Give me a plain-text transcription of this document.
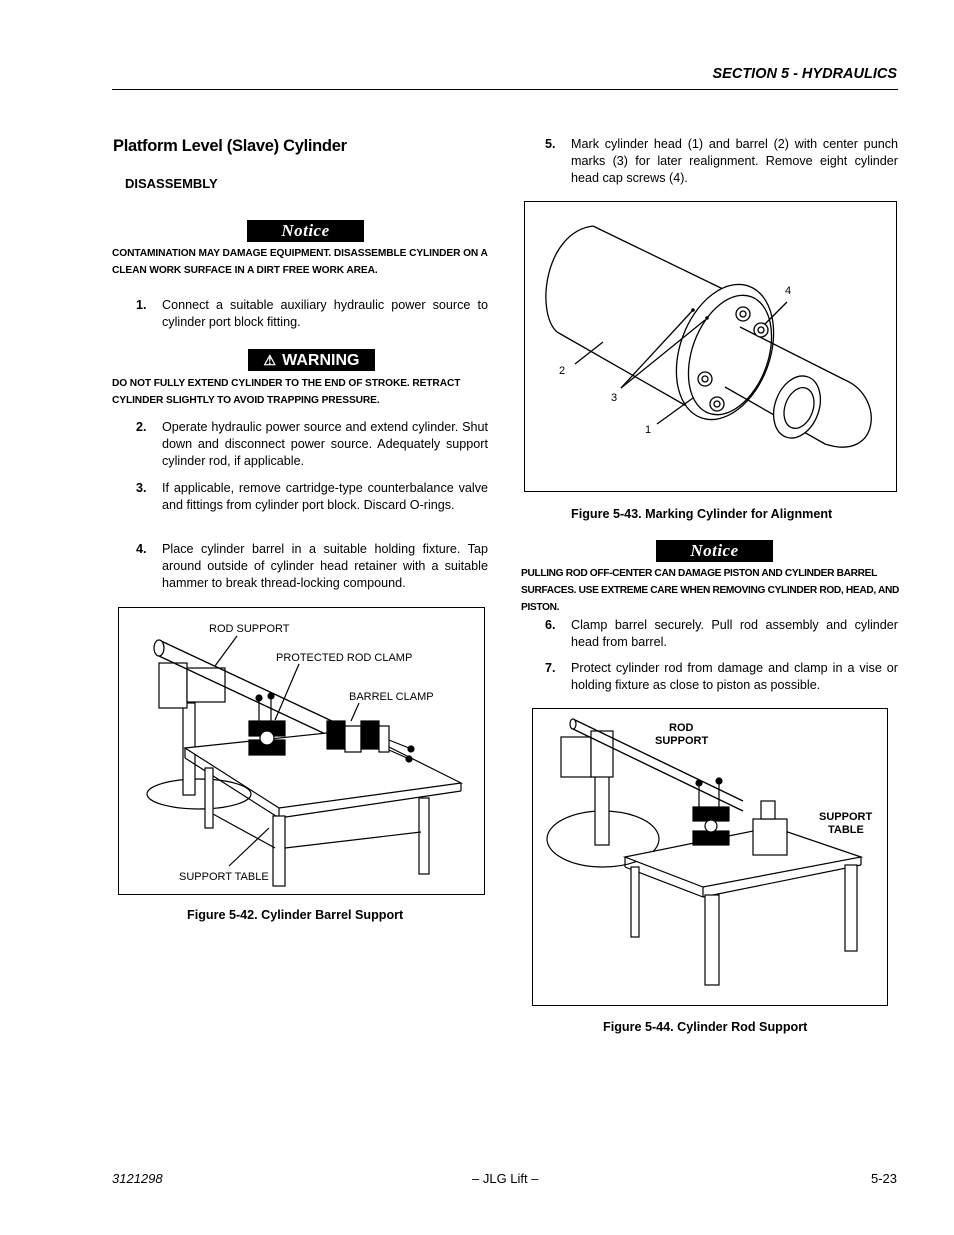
SECTION 5 - HYDRAULICS
Platform Level (Slave) Cylinder
DISASSEMBLY
Notice
CONTAMINATION MAY DAMAGE EQUIPMENT. DISASSEMBLE CYLINDER ON A CLEAN WORK SURFACE IN A DIRT FREE WORK AREA.
1. Connect a suitable auxiliary hydraulic power source to cylinder port block fitting.
⚠ WARNING
DO NOT FULLY EXTEND CYLINDER TO THE END OF STROKE. RETRACT CYLINDER SLIGHTLY TO AVOID TRAPPING PRESSURE.
2. Operate hydraulic power source and extend cylinder. Shut down and disconnect power source. Adequately support cylinder rod, if applicable.
3. If applicable, remove cartridge-type counterbalance valve and fittings from cylinder port block. Discard O-rings.
4. Place cylinder barrel in a suitable holding fixture. Tap around outside of cylinder head retainer with a suitable hammer to break thread-locking compound.
ROD SUPPORT
PROTECTED ROD CLAMP
BARREL CLAMP
SUPPORT TABLE
Figure 5-42. Cylinder Barrel Support
5. Mark cylinder head (1) and barrel (2) with center punch marks (3) for later realignment. Remove eight cylinder head cap screws (4).
4
2
3
1
Figure 5-43. Marking Cylinder for Alignment
Notice
PULLING ROD OFF-CENTER CAN DAMAGE PISTON AND CYLINDER BARREL SURFACES. USE EXTREME CARE WHEN REMOVING CYLINDER ROD, HEAD, AND PISTON.
6. Clamp barrel securely. Pull rod assembly and cylinder head from barrel.
7. Protect cylinder rod from damage and clamp in a vise or holding fixture as close to piston as possible.
ROD
SUPPORT
SUPPORT
TABLE
Figure 5-44. Cylinder Rod Support
3121298	– JLG Lift –	5-23
